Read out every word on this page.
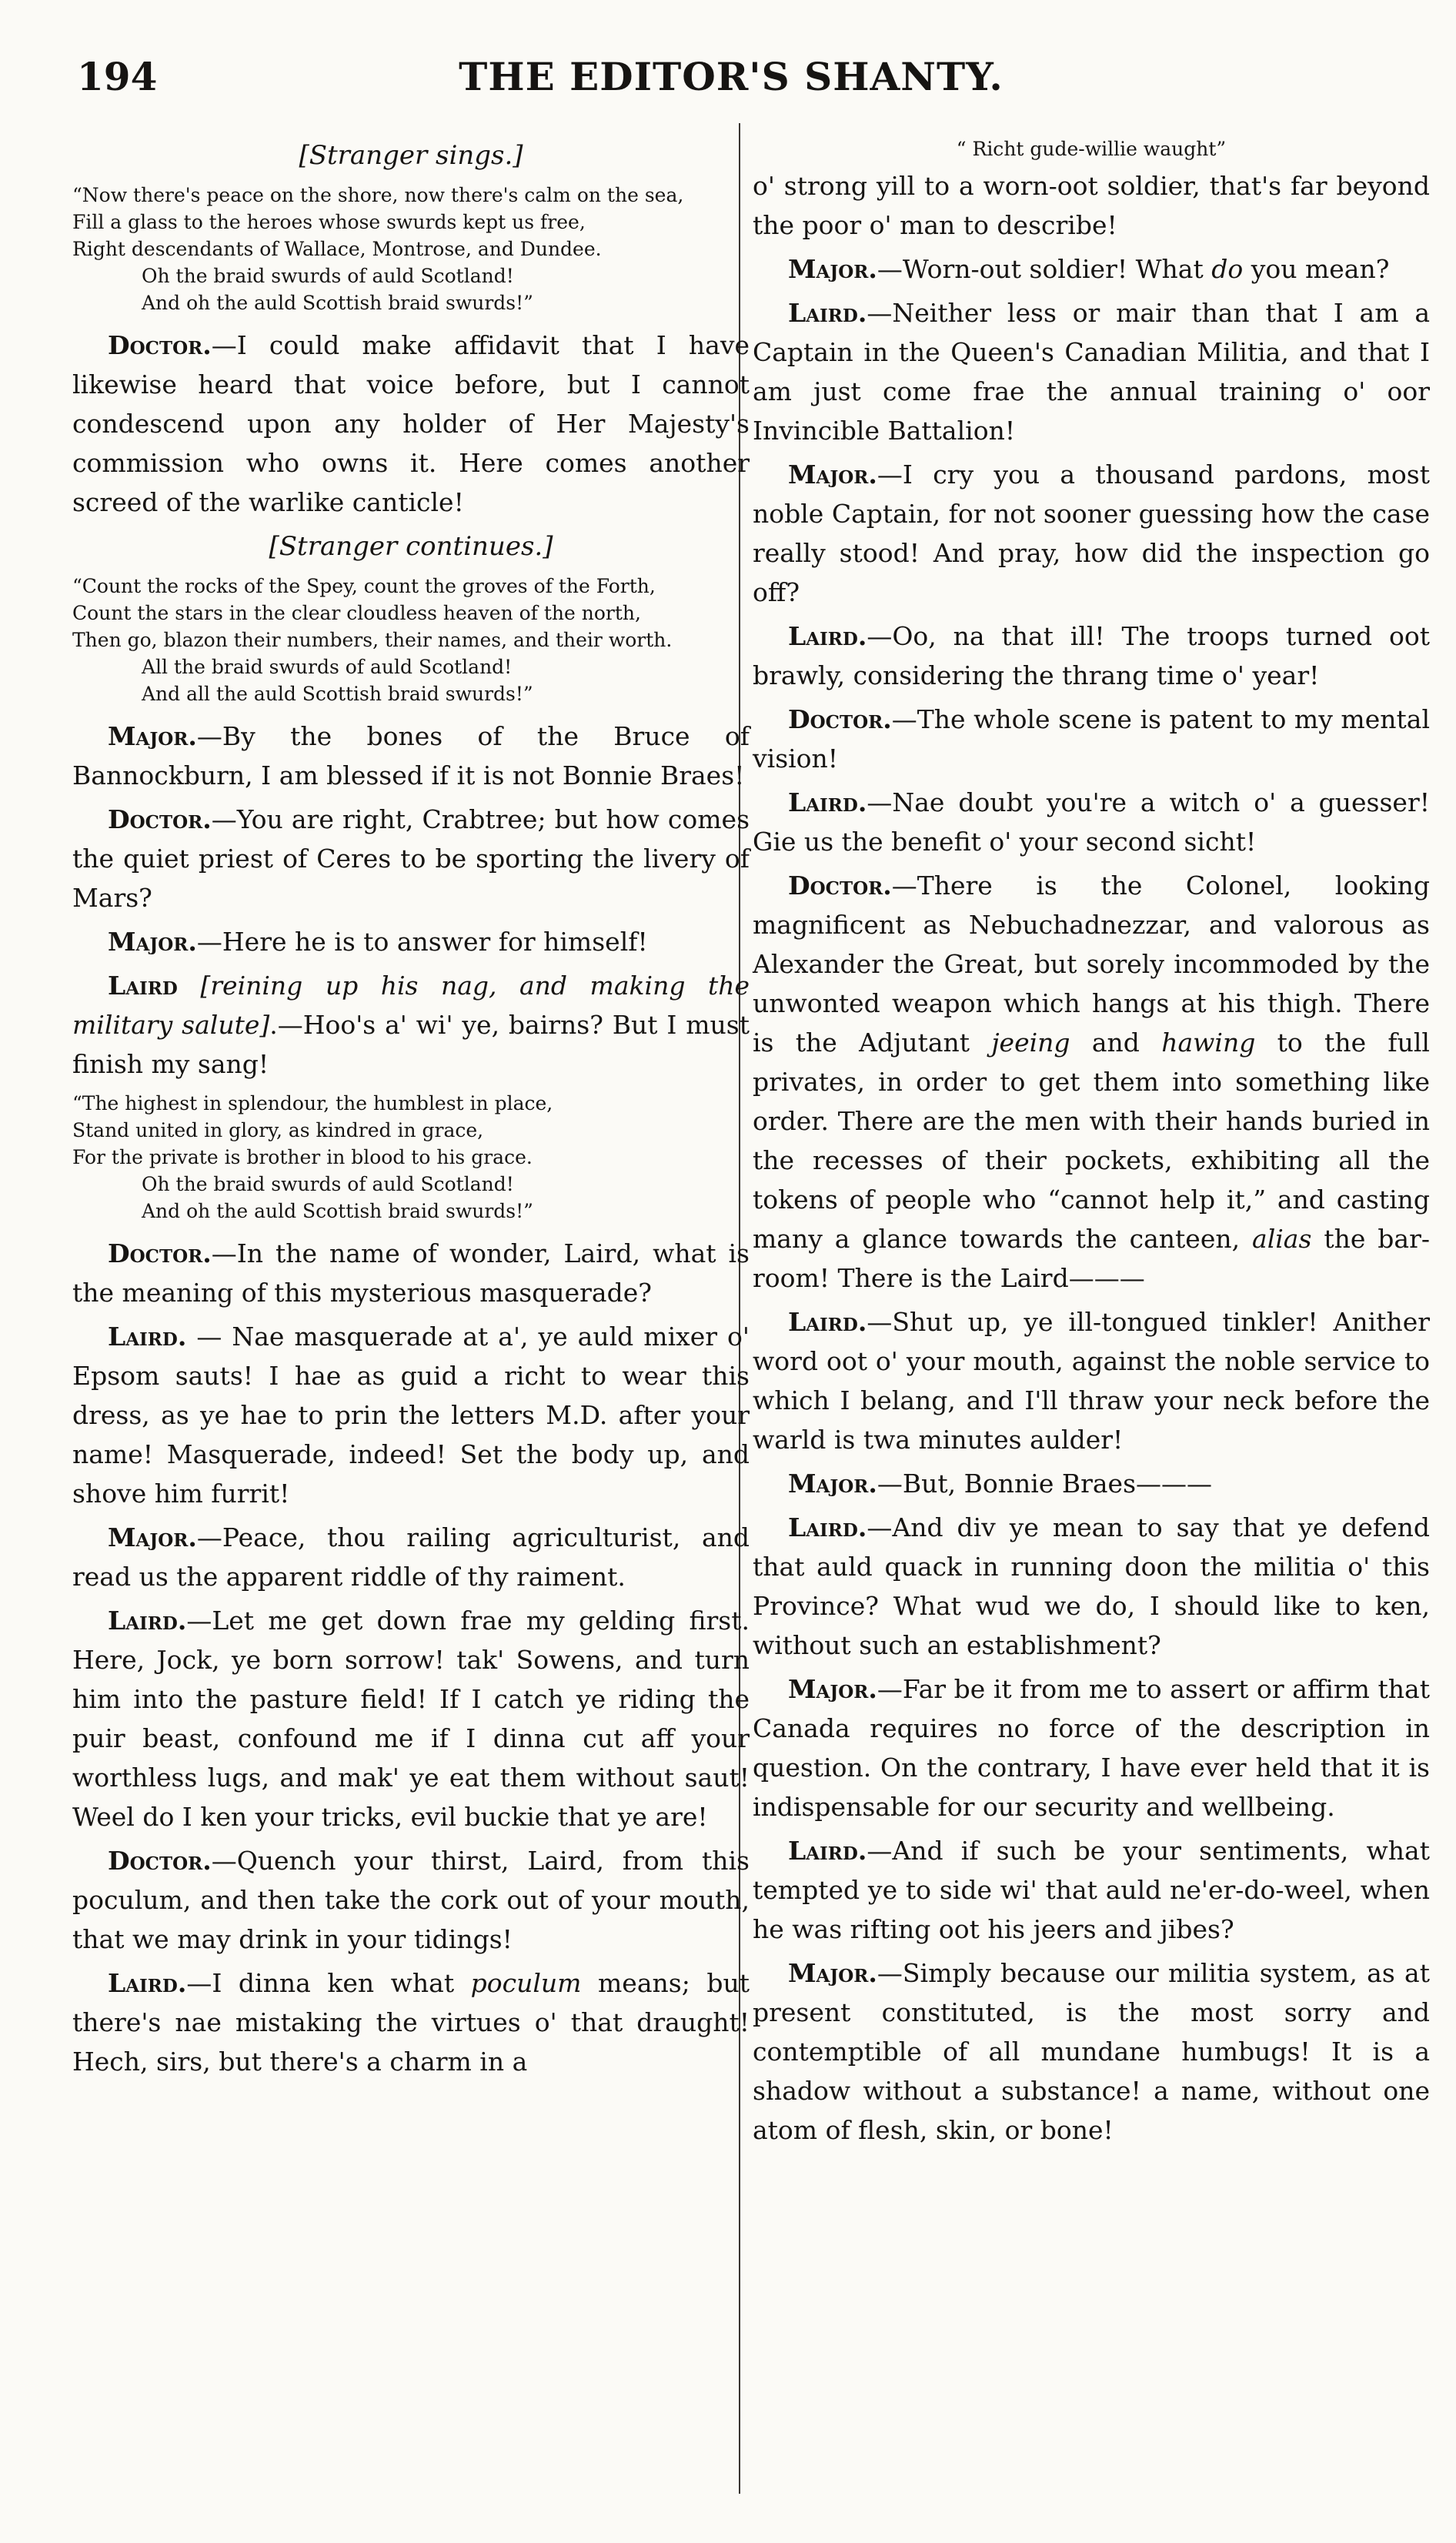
THE EDITOR'S SHANTY.
194

[Stranger sings.]

“Now there's peace on the shore, now there's calm on the sea,

Fill a glass to the heroes whose swurds kept us free,

Right descendants of Wallace, Montrose, and Dundee.

Oh the braid swurds of auld Scotland!

And oh the auld Scottish braid swurds!”

Doctor.—I could make affidavit that I have likewise heard that voice before, but I cannot condescend upon any holder of Her Majesty's commission who owns it. Here comes another screed of the warlike canticle!

[Stranger continues.]

“Count the rocks of the Spey, count the groves of the Forth,

Count the stars in the clear cloudless heaven of the north,

Then go, blazon their numbers, their names, and their worth.

All the braid swurds of auld Scotland!

And all the auld Scottish braid swurds!”

Major.—By the bones of the Bruce of Bannockburn, I am blessed if it is not Bonnie Braes!

Doctor.—You are right, Crabtree; but how comes the quiet priest of Ceres to be sporting the livery of Mars?

Major.—Here he is to answer for himself!

Laird [reining up his nag, and making the military salute].—Hoo's a' wi' ye, bairns? But I must finish my sang!

“The highest in splendour, the humblest in place,

Stand united in glory, as kindred in grace,

For the private is brother in blood to his grace.

Oh the braid swurds of auld Scotland!

And oh the auld Scottish braid swurds!”

Doctor.—In the name of wonder, Laird, what is the meaning of this mysterious masquerade?

Laird. — Nae masquerade at a', ye auld mixer o' Epsom sauts! I hae as guid a richt to wear this dress, as ye hae to prin the letters M.D. after your name! Masquerade, indeed! Set the body up, and shove him furrit!

Major.—Peace, thou railing agriculturist, and read us the apparent riddle of thy raiment.

Laird.—Let me get down frae my gelding first. Here, Jock, ye born sorrow! tak' Sowens, and turn him into the pasture field! If I catch ye riding the puir beast, confound me if I dinna cut aff your worthless lugs, and mak' ye eat them without saut! Weel do I ken your tricks, evil buckie that ye are!

Doctor.—Quench your thirst, Laird, from this poculum, and then take the cork out of your mouth, that we may drink in your tidings!

Laird.—I dinna ken what poculum means; but there's nae mistaking the virtues o' that draught! Hech, sirs, but there's a charm in a

“ Richt gude-willie waught”

o' strong yill to a worn-oot soldier, that's far beyond the poor o' man to describe!

Major.—Worn-out soldier! What do you mean?

Laird.—Neither less or mair than that I am a Captain in the Queen's Canadian Militia, and that I am just come frae the annual training o' oor Invincible Battalion!

Major.—I cry you a thousand pardons, most noble Captain, for not sooner guessing how the case really stood! And pray, how did the inspection go off?

Laird.—Oo, na that ill! The troops turned oot brawly, considering the thrang time o' year!

Doctor.—The whole scene is patent to my mental vision!

Laird.—Nae doubt you're a witch o' a guesser! Gie us the benefit o' your second sicht!

Doctor.—There is the Colonel, looking magnificent as Nebuchadnezzar, and valorous as Alexander the Great, but sorely incommoded by the unwonted weapon which hangs at his thigh. There is the Adjutant jeeing and hawing to the full privates, in order to get them into something like order. There are the men with their hands buried in the recesses of their pockets, exhibiting all the tokens of people who “cannot help it,” and casting many a glance towards the canteen, alias the bar-room! There is the Laird———

Laird.—Shut up, ye ill-tongued tinkler! Anither word oot o' your mouth, against the noble service to which I belang, and I'll thraw your neck before the warld is twa minutes aulder!

Major.—But, Bonnie Braes———

Laird.—And div ye mean to say that ye defend that auld quack in running doon the militia o' this Province? What wud we do, I should like to ken, without such an establishment?

Major.—Far be it from me to assert or affirm that Canada requires no force of the description in question. On the contrary, I have ever held that it is indispensable for our security and wellbeing.

Laird.—And if such be your sentiments, what tempted ye to side wi' that auld ne'er-do-weel, when he was rifting oot his jeers and jibes?

Major.—Simply because our militia system, as at present constituted, is the most sorry and contemptible of all mundane humbugs! It is a shadow without a substance! a name, without one atom of flesh, skin, or bone!
